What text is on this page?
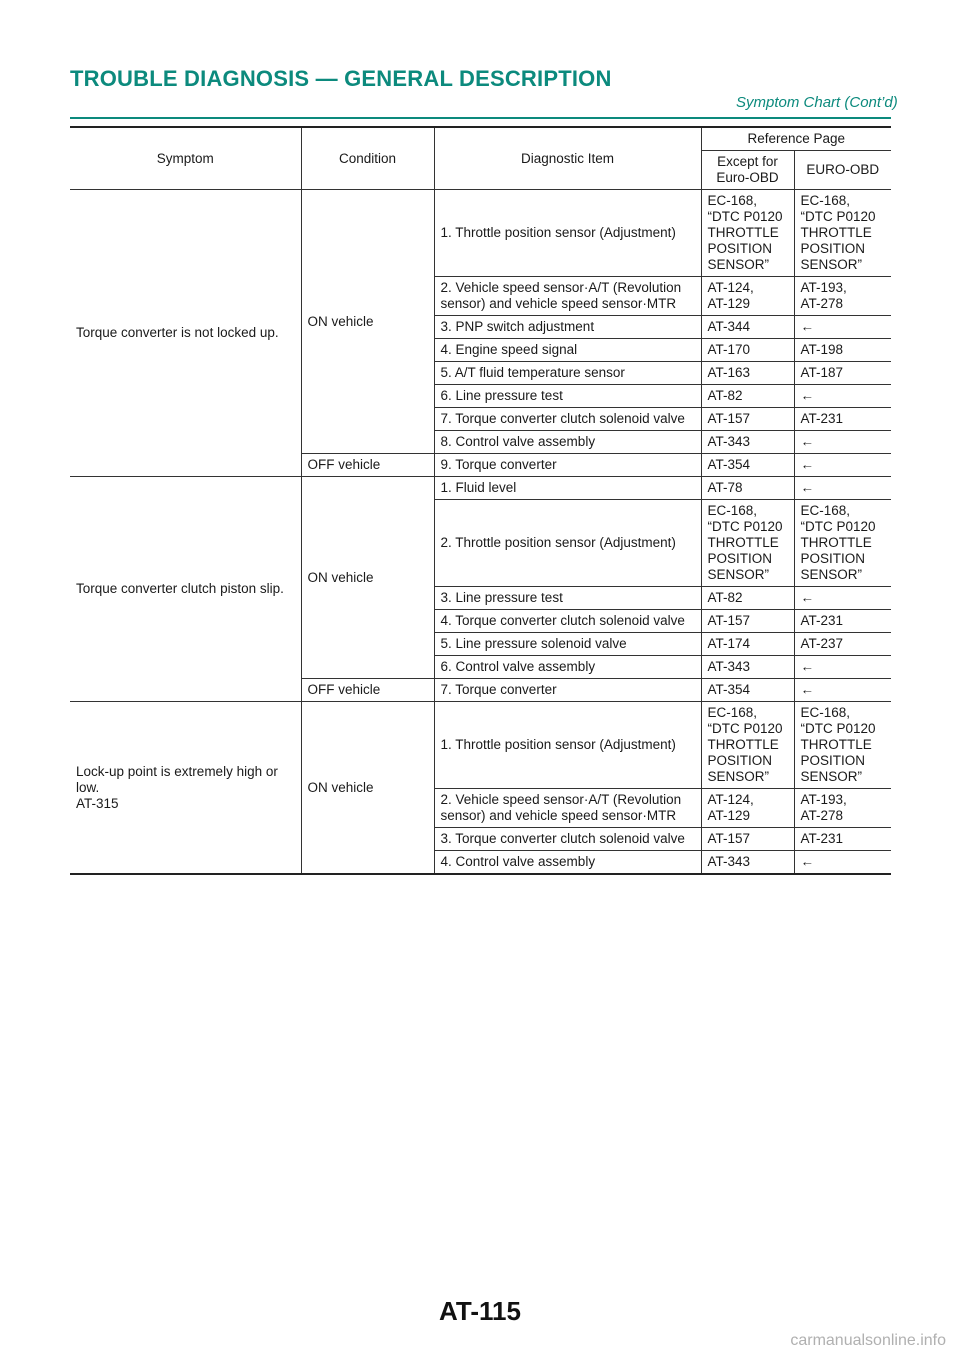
TROUBLE DIAGNOSIS — GENERAL DESCRIPTION
Symptom Chart (Cont’d)
Symptom	Condition	Diagnostic Item	Reference Page	
			Except for Euro-OBD	EURO-OBD
Torque converter is not locked up.	ON vehicle	1. Throttle position sensor (Adjustment)	EC-168,
“DTC P0120
THROTTLE
POSITION
SENSOR”	EC-168,
“DTC P0120
THROTTLE
POSITION
SENSOR”
		2. Vehicle speed sensor·A/T (Revolution sensor) and vehicle speed sensor·MTR	AT-124,
AT-129	AT-193,
AT-278
		3. PNP switch adjustment	AT-344	←
		4. Engine speed signal	AT-170	AT-198
		5. A/T fluid temperature sensor	AT-163	AT-187
		6. Line pressure test	AT-82	←
		7. Torque converter clutch solenoid valve	AT-157	AT-231
		8. Control valve assembly	AT-343	←
	OFF vehicle	9. Torque converter	AT-354	←
Torque converter clutch piston slip.	ON vehicle	1. Fluid level	AT-78	←
		2. Throttle position sensor (Adjustment)	EC-168,
“DTC P0120
THROTTLE
POSITION
SENSOR”	EC-168,
“DTC P0120
THROTTLE
POSITION
SENSOR”
		3. Line pressure test	AT-82	←
		4. Torque converter clutch solenoid valve	AT-157	AT-231
		5. Line pressure solenoid valve	AT-174	AT-237
		6. Control valve assembly	AT-343	←
	OFF vehicle	7. Torque converter	AT-354	←
Lock-up point is extremely high or
low.
AT-315	ON vehicle	1. Throttle position sensor (Adjustment)	EC-168,
“DTC P0120
THROTTLE
POSITION
SENSOR”	EC-168,
“DTC P0120
THROTTLE
POSITION
SENSOR”
		2. Vehicle speed sensor·A/T (Revolution sensor) and vehicle speed sensor·MTR	AT-124,
AT-129	AT-193,
AT-278
		3. Torque converter clutch solenoid valve	AT-157	AT-231
		4. Control valve assembly	AT-343	←
AT-115
carmanualsonline.info
